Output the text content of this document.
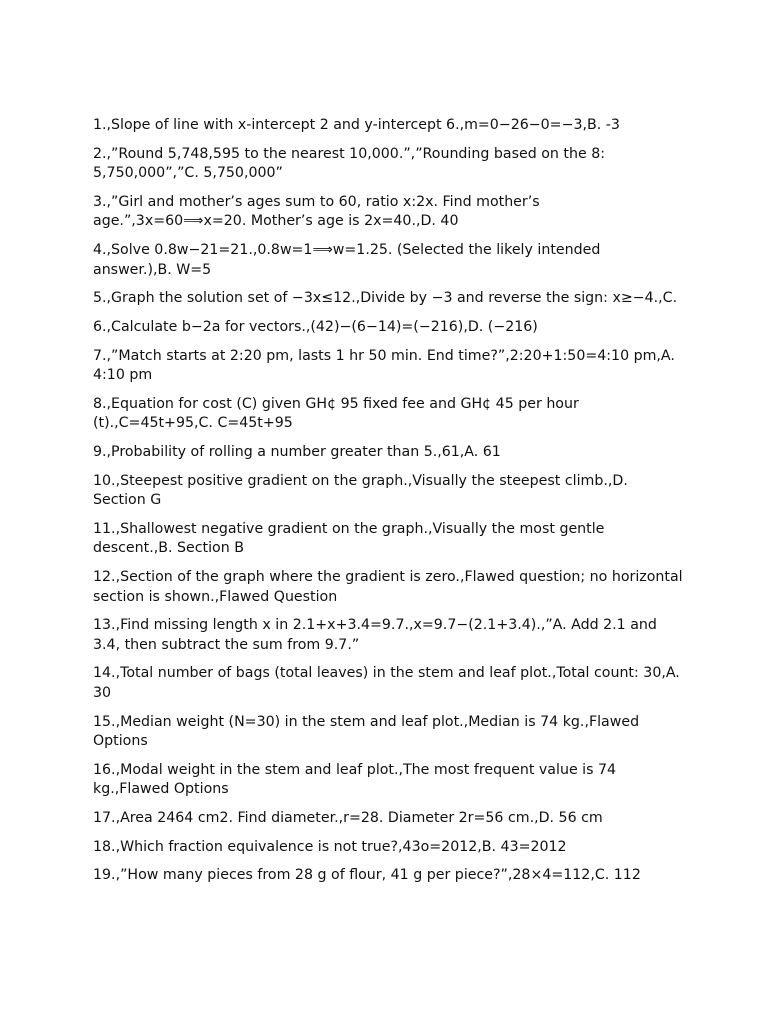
1.,Slope of line with x-intercept 2 and y-intercept 6.,m=0−26−0=−3,B. -3

2.,”Round 5,748,595 to the nearest 10,000.”,”Rounding based on the 8: 5,750,000”,”C. 5,750,000”

3.,”Girl and mother’s ages sum to 60, ratio x:2x. Find mother’s age.”,3x=60⟹x=20. Mother’s age is 2x=40.,D. 40

4.,Solve 0.8w−21=21.,0.8w=1⟹w=1.25. (Selected the likely intended answer.),B. W=5

5.,Graph the solution set of −3x≤12.,Divide by −3 and reverse the sign: x≥−4.,C.

6.,Calculate b−2a for vectors.,(42)−(6−14)=(−216),D. (−216)

7.,”Match starts at 2:20 pm, lasts 1 hr 50 min. End time?”,2:20+1:50=4:10 pm,A. 4:10 pm

8.,Equation for cost (C) given GH¢ 95 fixed fee and GH¢ 45 per hour (t).,C=45t+95,C. C=45t+95

9.,Probability of rolling a number greater than 5.,61,A. 61

10.,Steepest positive gradient on the graph.,Visually the steepest climb.,D. Section G

11.,Shallowest negative gradient on the graph.,Visually the most gentle descent.,B. Section B

12.,Section of the graph where the gradient is zero.,Flawed question; no horizontal section is shown.,Flawed Question

13.,Find missing length x in 2.1+x+3.4=9.7.,x=9.7−(2.1+3.4).,”A. Add 2.1 and 3.4, then subtract the sum from 9.7.”

14.,Total number of bags (total leaves) in the stem and leaf plot.,Total count: 30,A. 30

15.,Median weight (N=30) in the stem and leaf plot.,Median is 74 kg.,Flawed Options

16.,Modal weight in the stem and leaf plot.,The most frequent value is 74 kg.,Flawed Options

17.,Area 2464 cm2. Find diameter.,r=28. Diameter 2r=56 cm.,D. 56 cm

18.,Which fraction equivalence is not true?,43o=2012,B. 43=2012

19.,”How many pieces from 28 g of flour, 41 g per piece?”,28×4=112,C. 112
